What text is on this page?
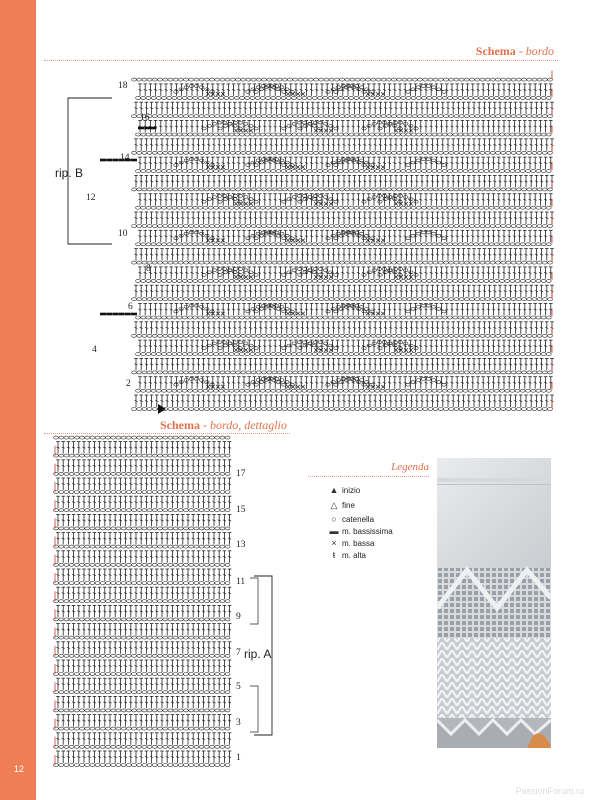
12
PassionForum.ru
Schema - bordo
Schema - bordo, dettaglio
18
16
14
12
10
8
6
4
2
17
15
13
11
9
7
5
3
1
rip. B
rip. A
Legenda
▲ inizio
△ fine
○ catenella
▬ m. bassissima
× m. bassa
ŧ m. alta
